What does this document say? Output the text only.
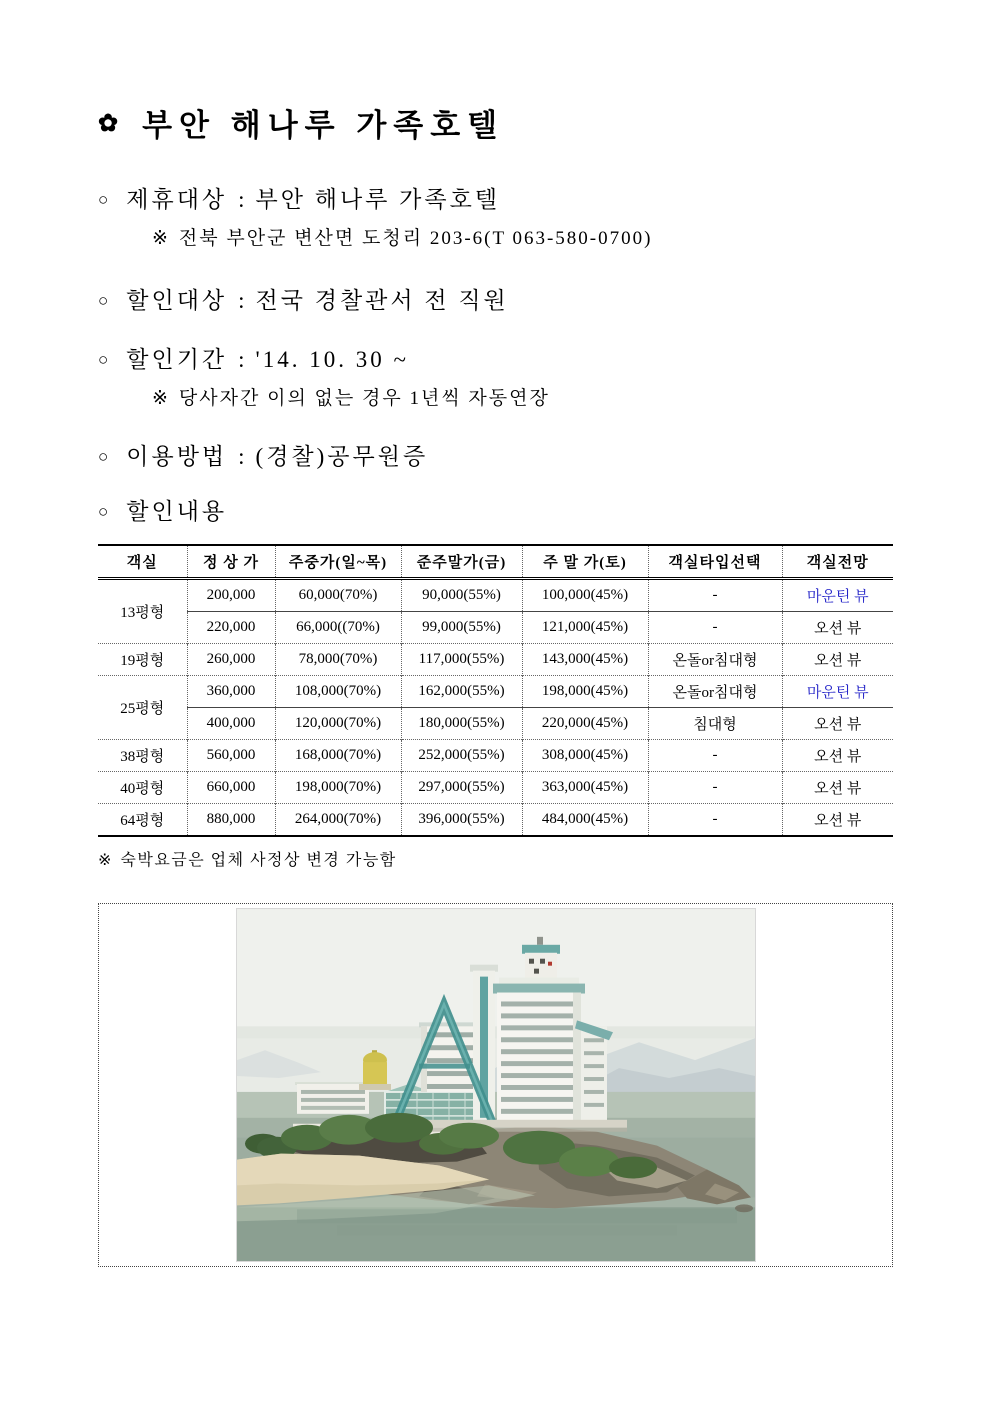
✿ 부안 해나루 가족호텔
○ 제휴대상 : 부안 해나루 가족호텔
※ 전북 부안군 변산면 도청리 203-6(T 063-580-0700)
○ 할인대상 : 전국 경찰관서 전 직원
○ 할인기간 : '14. 10. 30 ~
※ 당사자간 이의 없는 경우 1년씩 자동연장
○ 이용방법 : (경찰)공무원증
○ 할인내용
객실	정 상 가	주중가(일~목)	준주말가(금)	주 말 가(토)	객실타입선택	객실전망
13평형	200,000	60,000(70%)	90,000(55%)	100,000(45%)	-	마운틴 뷰
	220,000	66,000((70%)	99,000(55%)	121,000(45%)	-	오션 뷰
19평형	260,000	78,000(70%)	117,000(55%)	143,000(45%)	온돌or침대형	오션 뷰
25평형	360,000	108,000(70%)	162,000(55%)	198,000(45%)	온돌or침대형	마운틴 뷰
	400,000	120,000(70%)	180,000(55%)	220,000(45%)	침대형	오션 뷰
38평형	560,000	168,000(70%)	252,000(55%)	308,000(45%)	-	오션 뷰
40평형	660,000	198,000(70%)	297,000(55%)	363,000(45%)	-	오션 뷰
64평형	880,000	264,000(70%)	396,000(55%)	484,000(45%)	-	오션 뷰
※ 숙박요금은 업체 사정상 변경 가능함
